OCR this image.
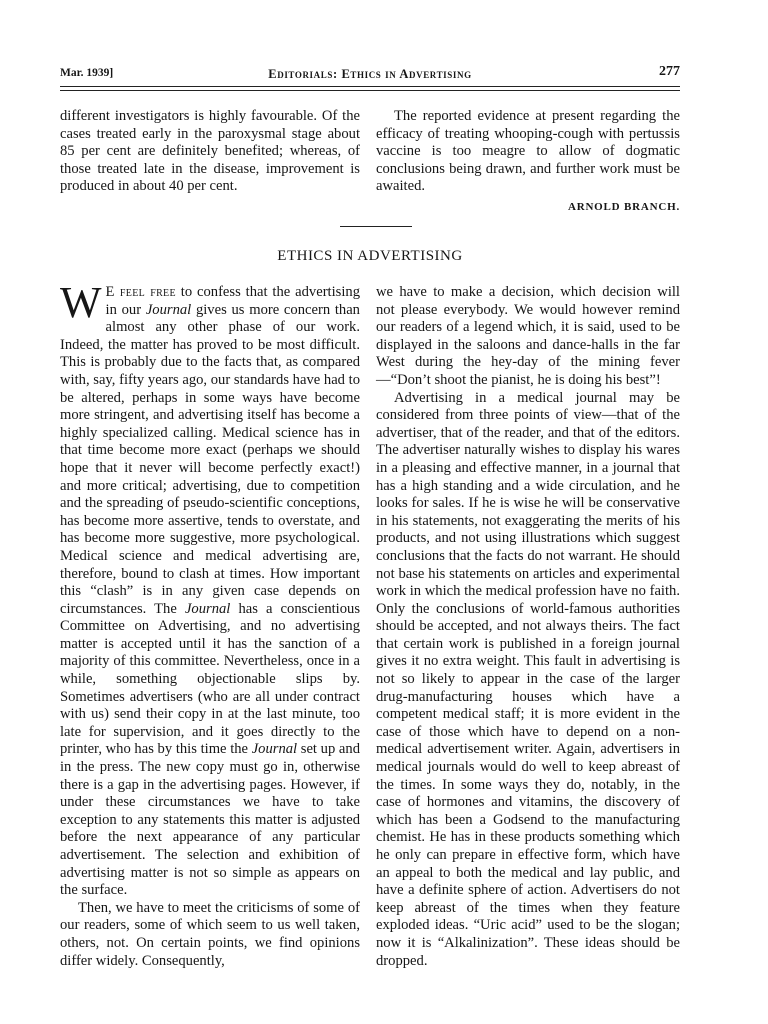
Mar. 1939]	Editorials: Ethics in Advertising	277

different investigators is highly favourable. Of the cases treated early in the paroxysmal stage about 85 per cent are definitely benefited; whereas, of those treated late in the disease, improvement is produced in about 40 per cent.

The reported evidence at present regarding the efficacy of treating whooping-cough with pertussis vaccine is too meagre to allow of dogmatic conclusions being drawn, and further work must be awaited.

ARNOLD BRANCH.
ETHICS IN ADVERTISING

W E feel free to confess that the advertising in our Journal gives us more concern than almost any other phase of our work. Indeed, the matter has proved to be most difficult. This is probably due to the facts that, as compared with, say, fifty years ago, our standards have had to be altered, perhaps in some ways have become more stringent, and advertising itself has become a highly specialized calling. Medical science has in that time become more exact (perhaps we should hope that it never will become perfectly exact!) and more critical; advertising, due to competition and the spreading of pseudo-scientific conceptions, has become more assertive, tends to overstate, and has become more suggestive, more psychological. Medical science and medical advertising are, therefore, bound to clash at times. How important this “clash” is in any given case depends on circumstances. The Journal has a conscientious Committee on Advertising, and no advertising matter is accepted until it has the sanction of a majority of this committee. Nevertheless, once in a while, something objectionable slips by. Sometimes advertisers (who are all under contract with us) send their copy in at the last minute, too late for supervision, and it goes directly to the printer, who has by this time the Journal set up and in the press. The new copy must go in, otherwise there is a gap in the advertising pages. However, if under these circumstances we have to take exception to any statements this matter is adjusted before the next appearance of any particular advertisement. The selection and exhibition of advertising matter is not so simple as appears on the surface.

Then, we have to meet the criticisms of some of our readers, some of which seem to us well taken, others, not. On certain points, we find opinions differ widely. Consequently,

we have to make a decision, which decision will not please everybody. We would however remind our readers of a legend which, it is said, used to be displayed in the saloons and dance-halls in the far West during the hey-day of the mining fever—“Don’t shoot the pianist, he is doing his best”!

Advertising in a medical journal may be considered from three points of view—that of the advertiser, that of the reader, and that of the editors. The advertiser naturally wishes to display his wares in a pleasing and effective manner, in a journal that has a high standing and a wide circulation, and he looks for sales. If he is wise he will be conservative in his statements, not exaggerating the merits of his products, and not using illustrations which suggest conclusions that the facts do not warrant. He should not base his statements on articles and experimental work in which the medical profession have no faith. Only the conclusions of world-famous authorities should be accepted, and not always theirs. The fact that certain work is published in a foreign journal gives it no extra weight. This fault in advertising is not so likely to appear in the case of the larger drug-manufacturing houses which have a competent medical staff; it is more evident in the case of those which have to depend on a non-medical advertisement writer. Again, advertisers in medical journals would do well to keep abreast of the times. In some ways they do, notably, in the case of hormones and vitamins, the discovery of which has been a Godsend to the manufacturing chemist. He has in these products something which he only can prepare in effective form, which have an appeal to both the medical and lay public, and have a definite sphere of action. Advertisers do not keep abreast of the times when they feature exploded ideas. “Uric acid” used to be the slogan; now it is “Alkalinization”. These ideas should be dropped.
